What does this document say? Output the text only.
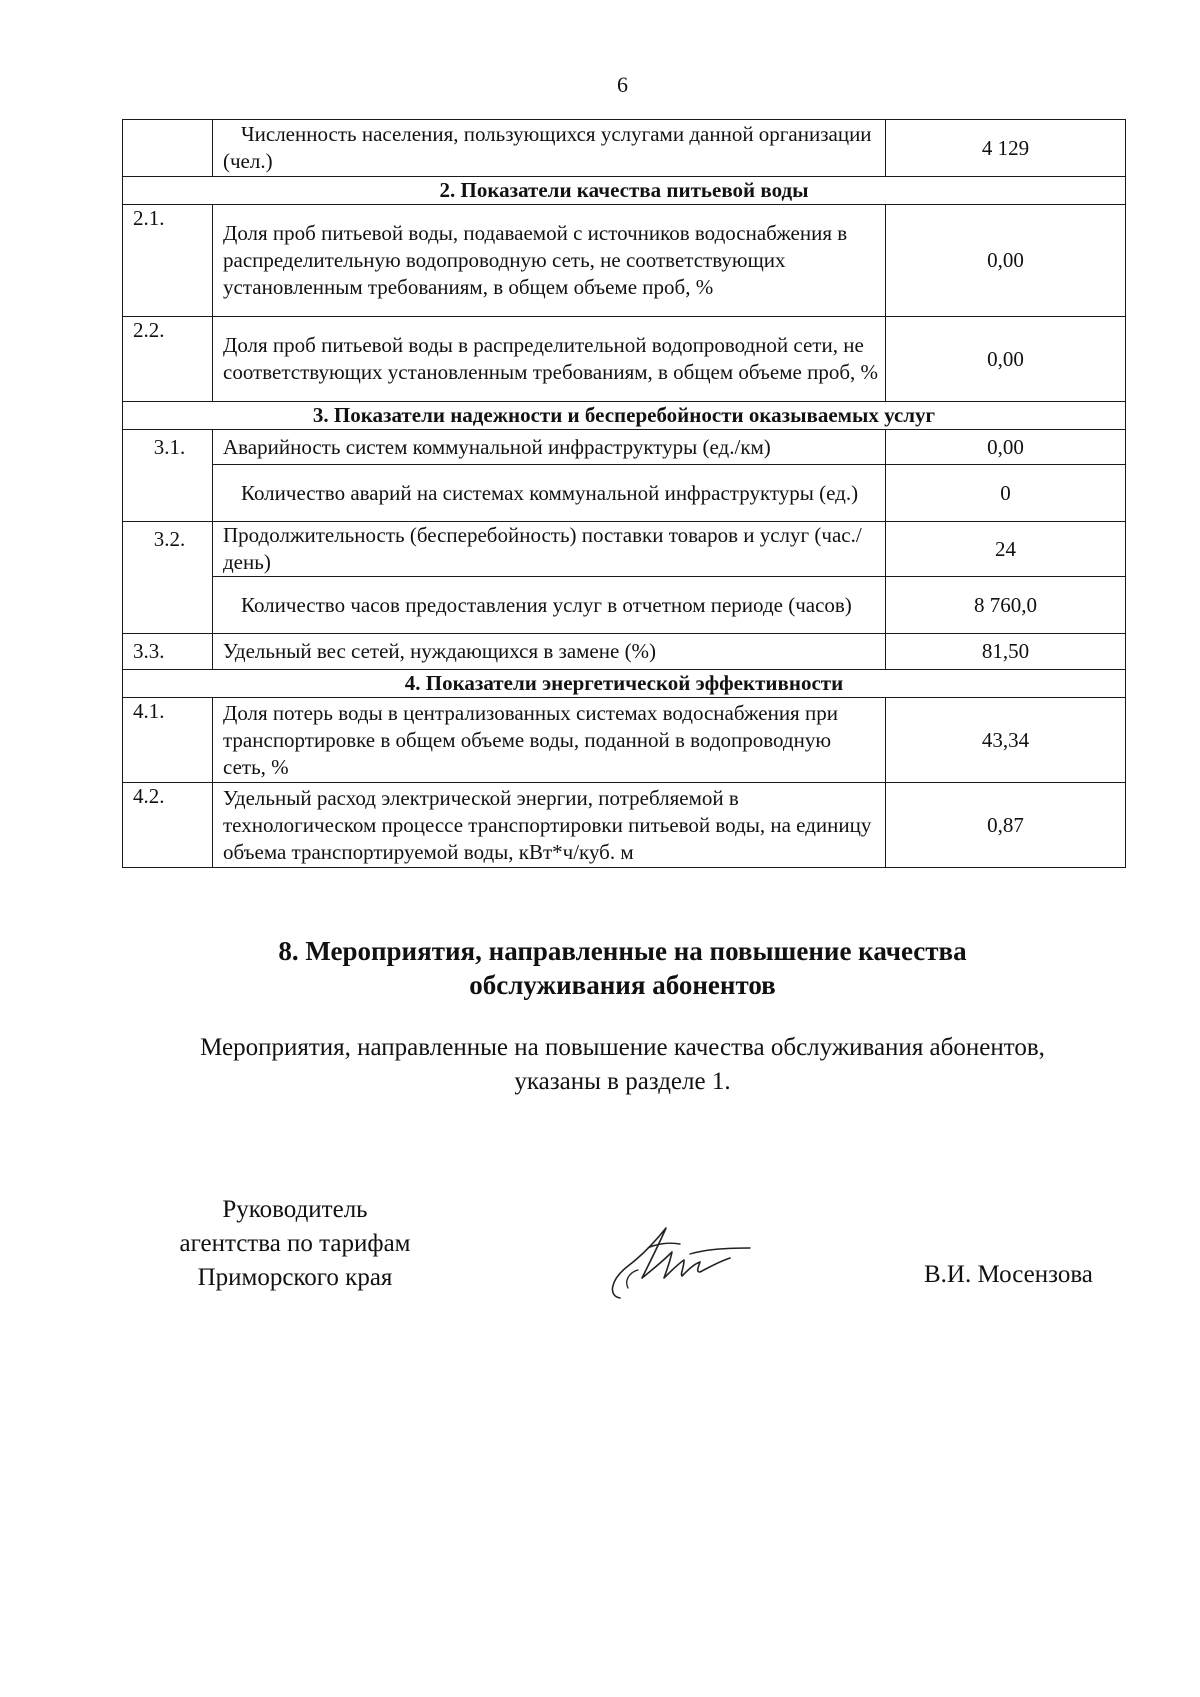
6
	Численность населения, пользующихся услугами данной организации (чел.)	4 129
2. Показатели качества питьевой воды		
2.1.	Доля проб питьевой воды, подаваемой с источников водоснабжения в распределительную водопроводную сеть, не соответствующих установленным требованиям, в общем объеме проб, %	0,00
2.2.	Доля проб питьевой воды в распределительной водопроводной сети, не соответствующих установленным требованиям, в общем объеме проб, %	0,00
3. Показатели надежности и бесперебойности оказываемых услуг		
3.1.	Аварийность систем коммунальной инфраструктуры (ед./км)	0,00
	Количество аварий на системах коммунальной инфраструктуры (ед.)	0
3.2.	Продолжительность (бесперебойность) поставки товаров и услуг (час./день)	24
	Количество часов предоставления услуг в отчетном периоде (часов)	8 760,0
3.3.	Удельный вес сетей, нуждающихся в замене (%)	81,50
4. Показатели энергетической эффективности		
4.1.	Доля потерь воды в централизованных системах водоснабжения при транспортировке в общем объеме воды, поданной в водопроводную сеть, %	43,34
4.2.	Удельный расход электрической энергии, потребляемой в технологическом процессе транспортировки питьевой воды, на единицу объема транспортируемой воды, кВт*ч/куб. м	0,87
8. Мероприятия, направленные на повышение качества
обслуживания абонентов
Мероприятия, направленные на повышение качества обслуживания абонентов,
указаны в разделе 1.
Руководитель
агентства по тарифам
Приморского края	В.И. Мосензова
